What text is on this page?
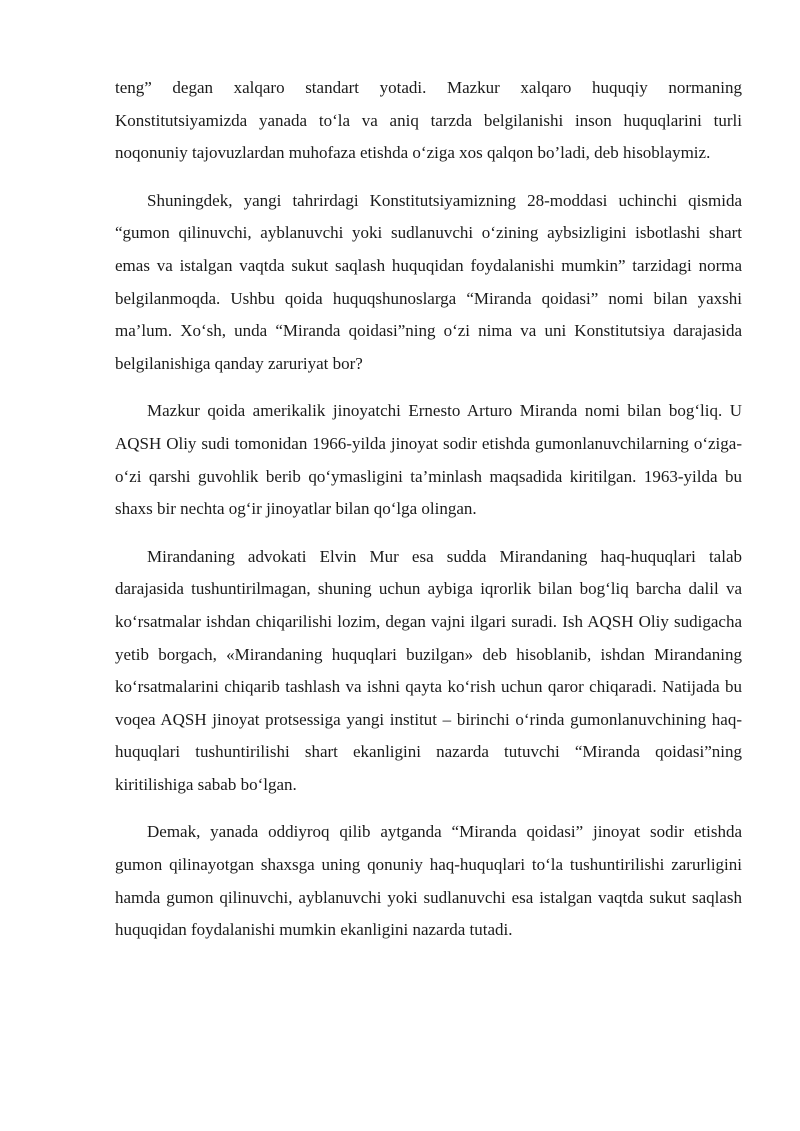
teng” degan xalqaro standart yotadi. Mazkur xalqaro huquqiy normaning Konstitutsiyamizda yanada to‘la va aniq tarzda belgilanishi inson huquqlarini turli noqonuniy tajovuzlardan muhofaza etishda o‘ziga xos qalqon bo’ladi, deb hisoblaymiz.

Shuningdek, yangi tahrirdagi Konstitutsiyamizning 28-moddasi uchinchi qismida “gumon qilinuvchi, ayblanuvchi yoki sudlanuvchi o‘zining aybsizligini isbotlashi shart emas va istalgan vaqtda sukut saqlash huquqidan foydalanishi mumkin” tarzidagi norma belgilanmoqda. Ushbu qoida huquqshunoslarga “Miranda qoidasi” nomi bilan yaxshi ma’lum. Xo‘sh, unda “Miranda qoidasi”ning o‘zi nima va uni Konstitutsiya darajasida belgilanishiga qanday zaruriyat bor?

Mazkur qoida amerikalik jinoyatchi Ernesto Arturo Miranda nomi bilan bog‘liq. U AQSH Oliy sudi tomonidan 1966-yilda jinoyat sodir etishda gumonlanuvchilarning o‘ziga-o‘zi qarshi guvohlik berib qo‘ymasligini ta’minlash maqsadida kiritilgan. 1963-yilda bu shaxs bir nechta og‘ir jinoyatlar bilan qo‘lga olingan.

Mirandaning advokati Elvin Mur esa sudda Mirandaning haq-huquqlari talab darajasida tushuntirilmagan, shuning uchun aybiga iqrorlik bilan bog‘liq barcha dalil va ko‘rsatmalar ishdan chiqarilishi lozim, degan vajni ilgari suradi. Ish AQSH Oliy sudigacha yetib borgach, «Mirandaning huquqlari buzilgan» deb hisoblanib, ishdan Mirandaning ko‘rsatmalarini chiqarib tashlash va ishni qayta ko‘rish uchun qaror chiqaradi. Natijada bu voqea AQSH jinoyat protsessiga yangi institut – birinchi o‘rinda gumonlanuvchining haq-huquqlari tushuntirilishi shart ekanligini nazarda tutuvchi “Miranda qoidasi”ning kiritilishiga sabab bo‘lgan.

Demak, yanada oddiyroq qilib aytganda “Miranda qoidasi” jinoyat sodir etishda gumon qilinayotgan shaxsga uning qonuniy haq-huquqlari to‘la tushuntirilishi zarurligini hamda gumon qilinuvchi, ayblanuvchi yoki sudlanuvchi esa istalgan vaqtda sukut saqlash huquqidan foydalanishi mumkin ekanligini nazarda tutadi.
